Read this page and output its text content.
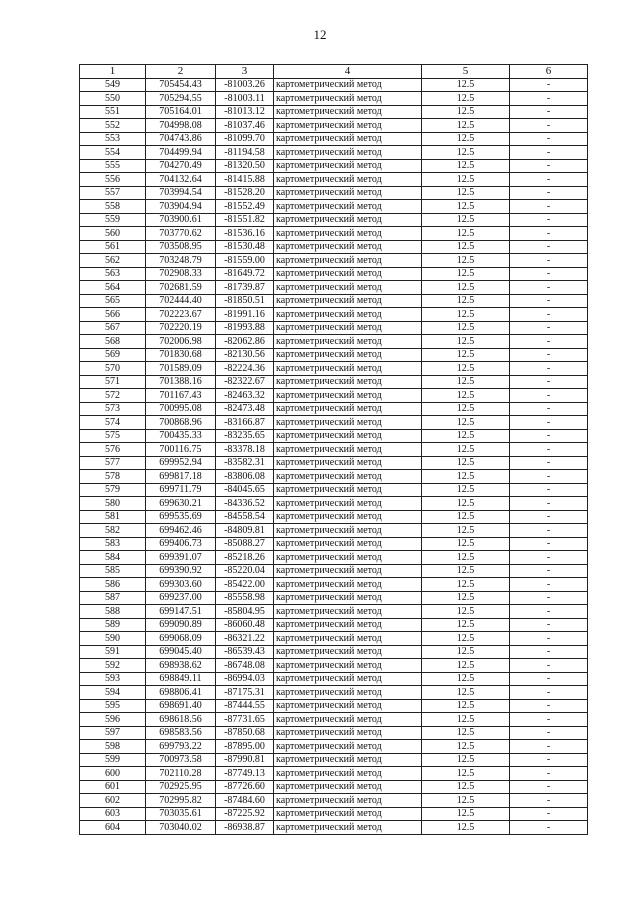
12
1	2	3	4	5	6
549	705454.43	-81003.26	картометрический метод	12.5	-
550	705294.55	-81003.11	картометрический метод	12.5	-
551	705164.01	-81013.12	картометрический метод	12.5	-
552	704998.08	-81037.46	картометрический метод	12.5	-
553	704743.86	-81099.70	картометрический метод	12.5	-
554	704499.94	-81194.58	картометрический метод	12.5	-
555	704270.49	-81320.50	картометрический метод	12.5	-
556	704132.64	-81415.88	картометрический метод	12.5	-
557	703994.54	-81528.20	картометрический метод	12.5	-
558	703904.94	-81552.49	картометрический метод	12.5	-
559	703900.61	-81551.82	картометрический метод	12.5	-
560	703770.62	-81536.16	картометрический метод	12.5	-
561	703508.95	-81530.48	картометрический метод	12.5	-
562	703248.79	-81559.00	картометрический метод	12.5	-
563	702908.33	-81649.72	картометрический метод	12.5	-
564	702681.59	-81739.87	картометрический метод	12.5	-
565	702444.40	-81850.51	картометрический метод	12.5	-
566	702223.67	-81991.16	картометрический метод	12.5	-
567	702220.19	-81993.88	картометрический метод	12.5	-
568	702006.98	-82062.86	картометрический метод	12.5	-
569	701830.68	-82130.56	картометрический метод	12.5	-
570	701589.09	-82224.36	картометрический метод	12.5	-
571	701388.16	-82322.67	картометрический метод	12.5	-
572	701167.43	-82463.32	картометрический метод	12.5	-
573	700995.08	-82473.48	картометрический метод	12.5	-
574	700868.96	-83166.87	картометрический метод	12.5	-
575	700435.33	-83235.65	картометрический метод	12.5	-
576	700116.75	-83378.18	картометрический метод	12.5	-
577	699952.94	-83582.31	картометрический метод	12.5	-
578	699817.18	-83806.08	картометрический метод	12.5	-
579	699711.79	-84045.65	картометрический метод	12.5	-
580	699630.21	-84336.52	картометрический метод	12.5	-
581	699535.69	-84558.54	картометрический метод	12.5	-
582	699462.46	-84809.81	картометрический метод	12.5	-
583	699406.73	-85088.27	картометрический метод	12.5	-
584	699391.07	-85218.26	картометрический метод	12.5	-
585	699390.92	-85220.04	картометрический метод	12.5	-
586	699303.60	-85422.00	картометрический метод	12.5	-
587	699237.00	-85558.98	картометрический метод	12.5	-
588	699147.51	-85804.95	картометрический метод	12.5	-
589	699090.89	-86060.48	картометрический метод	12.5	-
590	699068.09	-86321.22	картометрический метод	12.5	-
591	699045.40	-86539.43	картометрический метод	12.5	-
592	698938.62	-86748.08	картометрический метод	12.5	-
593	698849.11	-86994.03	картометрический метод	12.5	-
594	698806.41	-87175.31	картометрический метод	12.5	-
595	698691.40	-87444.55	картометрический метод	12.5	-
596	698618.56	-87731.65	картометрический метод	12.5	-
597	698583.56	-87850.68	картометрический метод	12.5	-
598	699793.22	-87895.00	картометрический метод	12.5	-
599	700973.58	-87990.81	картометрический метод	12.5	-
600	702110.28	-87749.13	картометрический метод	12.5	-
601	702925.95	-87726.60	картометрический метод	12.5	-
602	702995.82	-87484.60	картометрический метод	12.5	-
603	703035.61	-87225.92	картометрический метод	12.5	-
604	703040.02	-86938.87	картометрический метод	12.5	-
